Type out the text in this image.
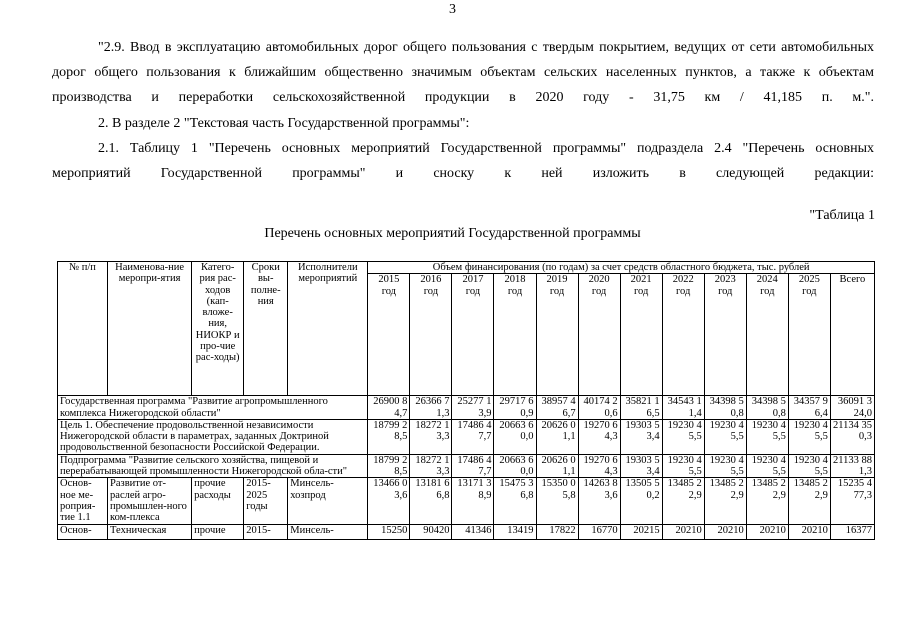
3
"2.9. Ввод в эксплуатацию автомобильных дорог общего пользования с твердым покрытием, ведущих от сети автомобильных дорог общего пользования к ближайшим общественно значимым объектам сельских населенных пунктов, а также к объектам производства и переработки сельскохозяйственной продукции в 2020 году - 31,75 км / 41,185 п. м.".
2. В разделе 2 "Текстовая часть Государственной программы":
2.1. Таблицу 1 "Перечень основных мероприятий Государственной программы" подраздела 2.4 "Перечень основных мероприятий Государственной программы" и сноску к ней изложить в следующей редакции:
"Таблица 1
Перечень основных мероприятий Государственной программы
№ п/п	Наименова-ние меропри-ятия	Катего-рия рас-ходов (кап-вложе-ния, НИОКР и про-чие рас-ходы)	Сроки вы-полне-ния	Исполнители мероприятий	Объем финансирования (по годам) за счет средств областного бюджета, тыс. рублей											
					2015 год	2016 год	2017 год	2018 год	2019 год	2020 год	2021 год	2022 год	2023 год	2024 год	2025 год	Всего
Государственная программа "Развитие агропромышленного комплекса Нижегородской области"					26900 84,7	26366 71,3	25277 13,9	29717 60,9	38957 46,7	40174 20,6	35821 16,5	34543 11,4	34398 50,8	34398 50,8	34357 96,4	36091 324,0
Цель 1. Обеспечение продовольственной независимости Нижегородской области в параметрах, заданных Доктриной продовольственной безопасности Российской Федерации.					18799 28,5	18272 13,3	17486 47,7	20663 60,0	20626 01,1	19270 64,3	19303 53,4	19230 45,5	19230 45,5	19230 45,5	19230 45,5	21134 350,3
Подпрограмма "Развитие сельского хозяйства, пищевой и перерабатывающей промышленности Нижегородской обла-сти"					18799 28,5	18272 13,3	17486 47,7	20663 60,0	20626 01,1	19270 64,3	19303 53,4	19230 45,5	19230 45,5	19230 45,5	19230 45,5	21133 881,3
Основ-ное ме-роприя-тие 1.1	Развитие от-раслей агро-промышлен-ного ком-плекса	прочие расходы	2015-2025 годы	Минсель-хозпрод	13466 03,6	13181 66,8	13171 38,9	15475 36,8	15350 05,8	14263 83,6	13505 50,2	13485 22,9	13485 22,9	13485 22,9	13485 22,9	15235 477,3
Основ-	Техническая	прочие	2015-	Минсель-	15250	90420	41346	13419	17822	16770	20215	20210	20210	20210	20210	16377
